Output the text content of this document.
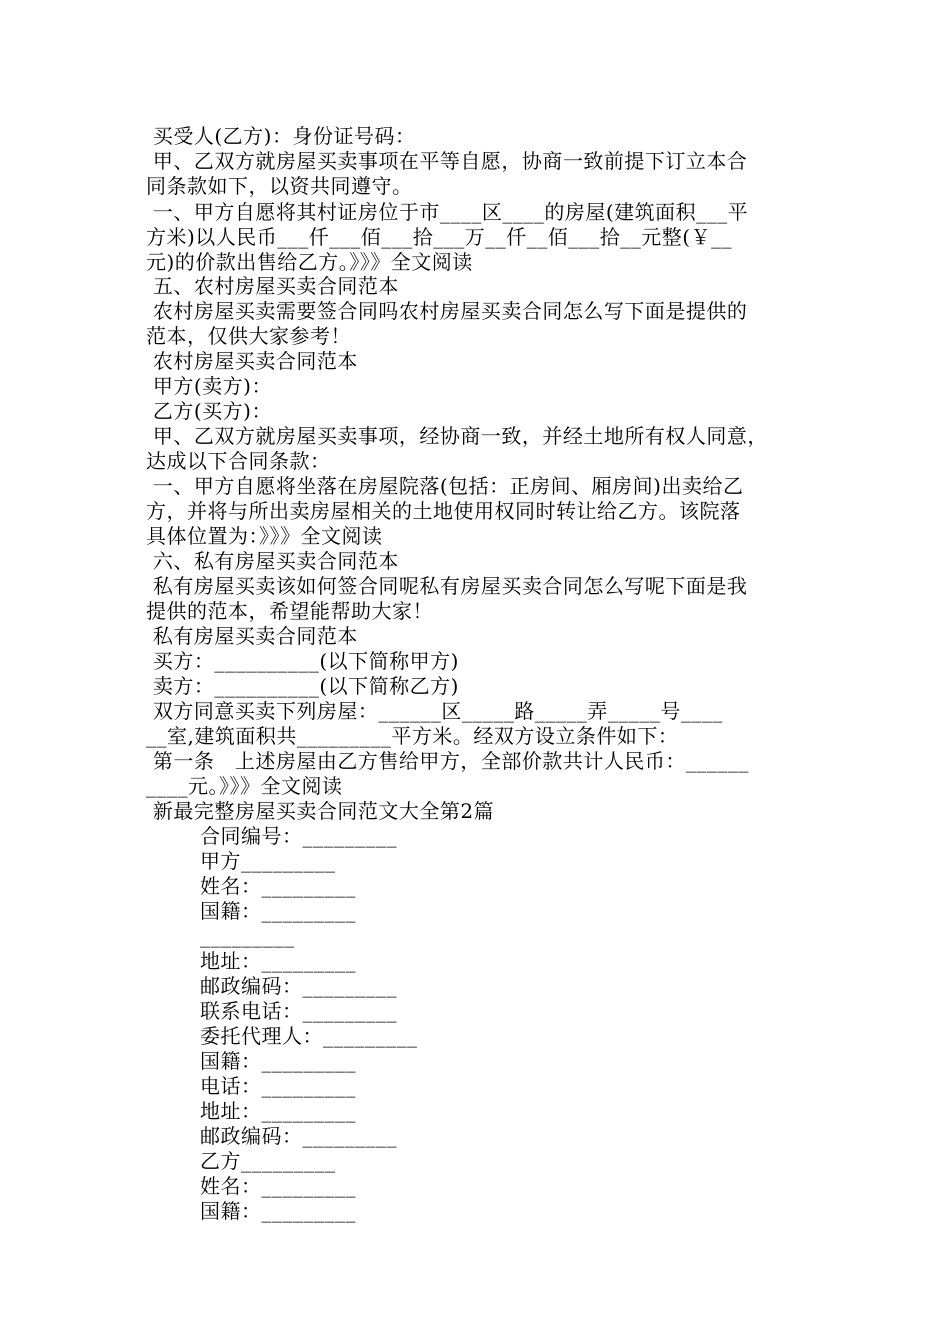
买受人(乙方)：身份证号码：
甲、乙双方就房屋买卖事项在平等自愿，协商一致前提下订立本合
同条款如下，以资共同遵守。
一、甲方自愿将其村证房位于市____区____的房屋(建筑面积___平
方米)以人民币___仟___佰___拾___万__仟__佰___拾__元整(￥__
元)的价款出售给乙方。》》》全文阅读
五、农村房屋买卖合同范本
农村房屋买卖需要签合同吗农村房屋买卖合同怎么写下面是提供的
范本，仅供大家参考！
农村房屋买卖合同范本
甲方(卖方)：
乙方(买方)：
甲、乙双方就房屋买卖事项，经协商一致，并经土地所有权人同意，
达成以下合同条款：
一、甲方自愿将坐落在房屋院落(包括：正房间、厢房间)出卖给乙
方，并将与所出卖房屋相关的土地使用权同时转让给乙方。该院落
具体位置为：》》》全文阅读
六、私有房屋买卖合同范本
私有房屋买卖该如何签合同呢私有房屋买卖合同怎么写呢下面是我
提供的范本，希望能帮助大家！
私有房屋买卖合同范本
买方：__________(以下简称甲方)
卖方：__________(以下简称乙方)
双方同意买卖下列房屋：______区_____路_____弄_____号____
__室,建筑面积共_________平方米。经双方设立条件如下：
第一条   上述房屋由乙方售给甲方，全部价款共计人民币：______
____元。》》》全文阅读
新最完整房屋买卖合同范文大全第2篇
合同编号：_________
甲方_________
姓名：_________
国籍：_________
_________
地址：_________
邮政编码：_________
联系电话：_________
委托代理人：_________
国籍：_________
电话：_________
地址：_________
邮政编码：_________
乙方_________
姓名：_________
国籍：_________
